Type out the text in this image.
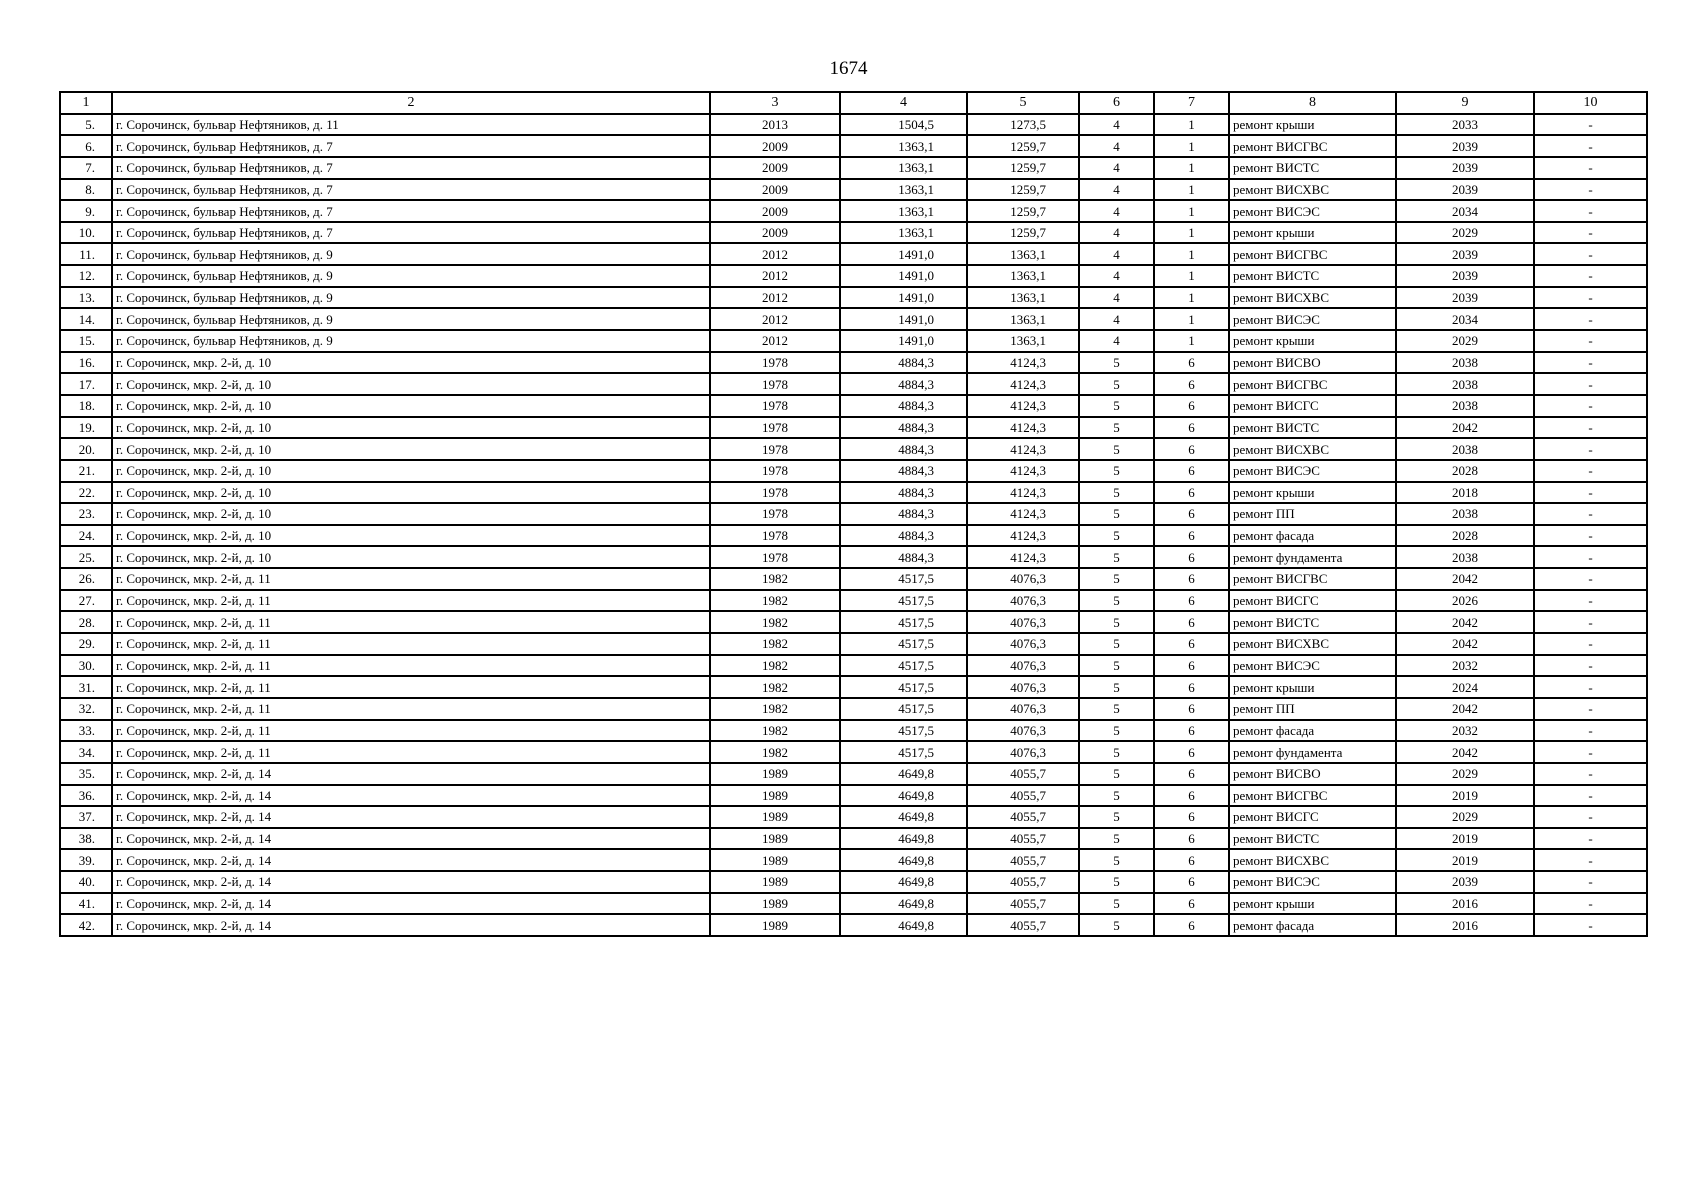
1674
1	2	3	4	5	6	7	8	9	10
5.	г. Сорочинск, бульвар Нефтяников, д. 11	2013	1504,5	1273,5	4	1	ремонт крыши	2033	-
6.	г. Сорочинск, бульвар Нефтяников, д. 7	2009	1363,1	1259,7	4	1	ремонт ВИСГВС	2039	-
7.	г. Сорочинск, бульвар Нефтяников, д. 7	2009	1363,1	1259,7	4	1	ремонт ВИСТС	2039	-
8.	г. Сорочинск, бульвар Нефтяников, д. 7	2009	1363,1	1259,7	4	1	ремонт ВИСХВС	2039	-
9.	г. Сорочинск, бульвар Нефтяников, д. 7	2009	1363,1	1259,7	4	1	ремонт ВИСЭС	2034	-
10.	г. Сорочинск, бульвар Нефтяников, д. 7	2009	1363,1	1259,7	4	1	ремонт крыши	2029	-
11.	г. Сорочинск, бульвар Нефтяников, д. 9	2012	1491,0	1363,1	4	1	ремонт ВИСГВС	2039	-
12.	г. Сорочинск, бульвар Нефтяников, д. 9	2012	1491,0	1363,1	4	1	ремонт ВИСТС	2039	-
13.	г. Сорочинск, бульвар Нефтяников, д. 9	2012	1491,0	1363,1	4	1	ремонт ВИСХВС	2039	-
14.	г. Сорочинск, бульвар Нефтяников, д. 9	2012	1491,0	1363,1	4	1	ремонт ВИСЭС	2034	-
15.	г. Сорочинск, бульвар Нефтяников, д. 9	2012	1491,0	1363,1	4	1	ремонт крыши	2029	-
16.	г. Сорочинск, мкр. 2-й, д. 10	1978	4884,3	4124,3	5	6	ремонт ВИСВО	2038	-
17.	г. Сорочинск, мкр. 2-й, д. 10	1978	4884,3	4124,3	5	6	ремонт ВИСГВС	2038	-
18.	г. Сорочинск, мкр. 2-й, д. 10	1978	4884,3	4124,3	5	6	ремонт ВИСГС	2038	-
19.	г. Сорочинск, мкр. 2-й, д. 10	1978	4884,3	4124,3	5	6	ремонт ВИСТС	2042	-
20.	г. Сорочинск, мкр. 2-й, д. 10	1978	4884,3	4124,3	5	6	ремонт ВИСХВС	2038	-
21.	г. Сорочинск, мкр. 2-й, д. 10	1978	4884,3	4124,3	5	6	ремонт ВИСЭС	2028	-
22.	г. Сорочинск, мкр. 2-й, д. 10	1978	4884,3	4124,3	5	6	ремонт крыши	2018	-
23.	г. Сорочинск, мкр. 2-й, д. 10	1978	4884,3	4124,3	5	6	ремонт ПП	2038	-
24.	г. Сорочинск, мкр. 2-й, д. 10	1978	4884,3	4124,3	5	6	ремонт фасада	2028	-
25.	г. Сорочинск, мкр. 2-й, д. 10	1978	4884,3	4124,3	5	6	ремонт фундамента	2038	-
26.	г. Сорочинск, мкр. 2-й, д. 11	1982	4517,5	4076,3	5	6	ремонт ВИСГВС	2042	-
27.	г. Сорочинск, мкр. 2-й, д. 11	1982	4517,5	4076,3	5	6	ремонт ВИСГС	2026	-
28.	г. Сорочинск, мкр. 2-й, д. 11	1982	4517,5	4076,3	5	6	ремонт ВИСТС	2042	-
29.	г. Сорочинск, мкр. 2-й, д. 11	1982	4517,5	4076,3	5	6	ремонт ВИСХВС	2042	-
30.	г. Сорочинск, мкр. 2-й, д. 11	1982	4517,5	4076,3	5	6	ремонт ВИСЭС	2032	-
31.	г. Сорочинск, мкр. 2-й, д. 11	1982	4517,5	4076,3	5	6	ремонт крыши	2024	-
32.	г. Сорочинск, мкр. 2-й, д. 11	1982	4517,5	4076,3	5	6	ремонт ПП	2042	-
33.	г. Сорочинск, мкр. 2-й, д. 11	1982	4517,5	4076,3	5	6	ремонт фасада	2032	-
34.	г. Сорочинск, мкр. 2-й, д. 11	1982	4517,5	4076,3	5	6	ремонт фундамента	2042	-
35.	г. Сорочинск, мкр. 2-й, д. 14	1989	4649,8	4055,7	5	6	ремонт ВИСВО	2029	-
36.	г. Сорочинск, мкр. 2-й, д. 14	1989	4649,8	4055,7	5	6	ремонт ВИСГВС	2019	-
37.	г. Сорочинск, мкр. 2-й, д. 14	1989	4649,8	4055,7	5	6	ремонт ВИСГС	2029	-
38.	г. Сорочинск, мкр. 2-й, д. 14	1989	4649,8	4055,7	5	6	ремонт ВИСТС	2019	-
39.	г. Сорочинск, мкр. 2-й, д. 14	1989	4649,8	4055,7	5	6	ремонт ВИСХВС	2019	-
40.	г. Сорочинск, мкр. 2-й, д. 14	1989	4649,8	4055,7	5	6	ремонт ВИСЭС	2039	-
41.	г. Сорочинск, мкр. 2-й, д. 14	1989	4649,8	4055,7	5	6	ремонт крыши	2016	-
42.	г. Сорочинск, мкр. 2-й, д. 14	1989	4649,8	4055,7	5	6	ремонт фасада	2016	-
